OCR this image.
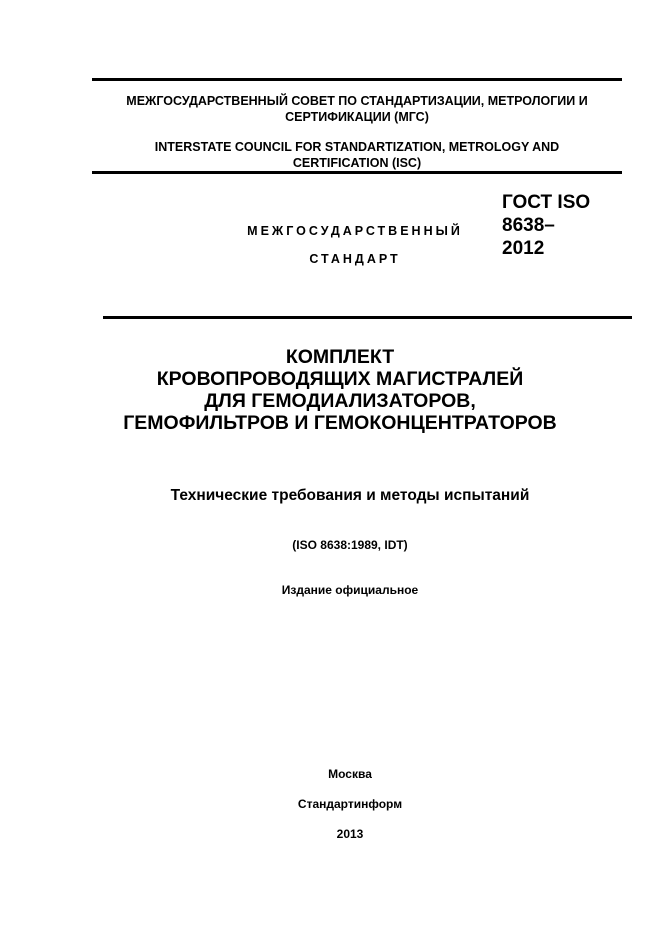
МЕЖГОСУДАРСТВЕННЫЙ СОВЕТ ПО СТАНДАРТИЗАЦИИ, МЕТРОЛОГИИ И
СЕРТИФИКАЦИИ (МГС)
INTERSTATE COUNCIL FOR STANDARTIZATION, METROLOGY AND
CERTIFICATION (ISC)
МЕЖГОСУДАРСТВЕННЫЙ
СТАНДАРТ
ГОСТ ISO
8638–
2012
КОМПЛЕКТ
КРОВОПРОВОДЯЩИХ МАГИСТРАЛЕЙ
ДЛЯ ГЕМОДИАЛИЗАТОРОВ,
ГЕМОФИЛЬТРОВ И ГЕМОКОНЦЕНТРАТОРОВ
Технические требования и методы испытаний
(ISO 8638:1989, IDT)
Издание официальное
Москва
Стандартинформ
2013
